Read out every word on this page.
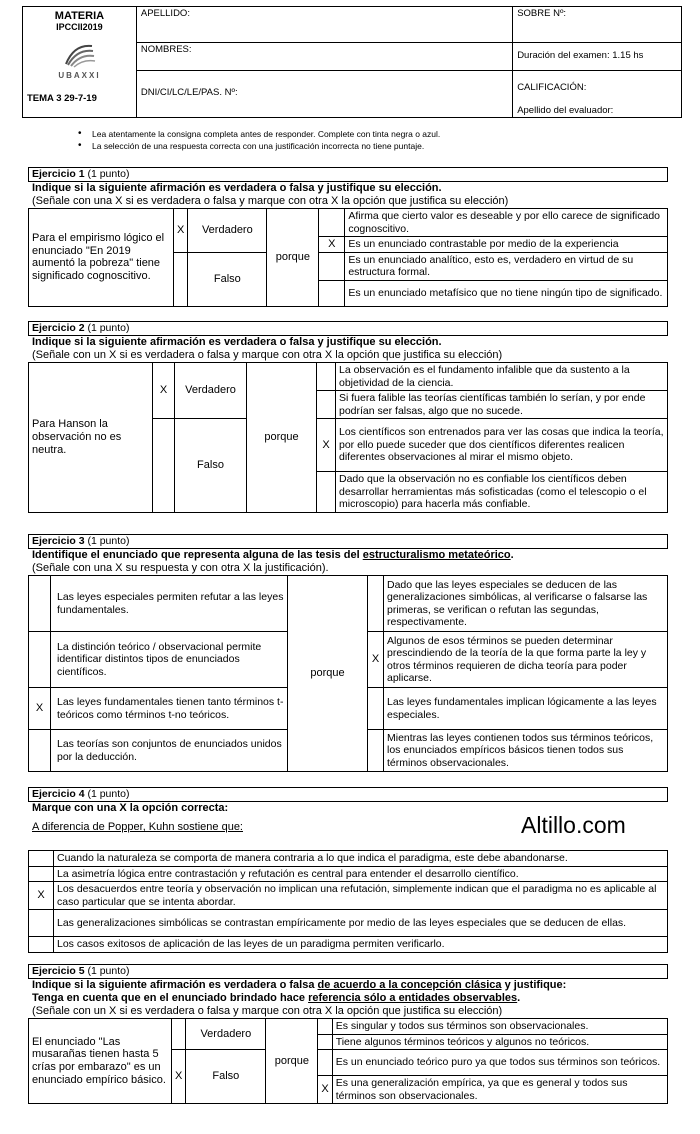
MATERIA
IPCCII2019
UBAXXI
TEMA 3 29-7-19	APELLIDO:	SOBRE Nº:
	NOMBRES:	Duración del examen: 1.15 hs
	DNI/CI/LC/LE/PAS. Nº:	CALIFICACIÓN:
Apellido del evaluador:
• Lea atentamente la consigna completa antes de responder. Complete con tinta negra o azul.
• La selección de una respuesta correcta con una justificación incorrecta no tiene puntaje.
Ejercicio 1 (1 punto)
Indique si la siguiente afirmación es verdadera o falsa y justifique su elección.
(Señale con una X si es verdadera o falsa y marque con otra X la opción que justifica su elección)
Para el empirismo lógico el enunciado "En 2019 aumentó la pobreza" tiene significado cognoscitivo.	X	Verdadero	porque		Afirma que cierto valor es deseable y por ello carece de significado cognoscitivo.
				X	Es un enunciado contrastable por medio de la experiencia
		Falso			Es un enunciado analítico, esto es, verdadero en virtud de su estructura formal.
					Es un enunciado metafísico que no tiene ningún tipo de significado.
Ejercicio 2 (1 punto)
Indique si la siguiente afirmación es verdadera o falsa y justifique su elección.
(Señale con un X si es verdadera o falsa y marque con otra X la opción que justifica su elección)
Para Hanson la observación no es neutra.	X	Verdadero	porque		La observación es el fundamento infalible que da sustento a la objetividad de la ciencia.
					Si fuera falible las teorías científicas también lo serían, y por ende podrían ser falsas, algo que no sucede.
		Falso		X	Los científicos son entrenados para ver las cosas que indica la teoría, por ello puede suceder que dos científicos diferentes realicen diferentes observaciones al mirar el mismo objeto.
					Dado que la observación no es confiable los científicos deben desarrollar herramientas más sofisticadas (como el telescopio o el microscopio) para hacerla más confiable.
Ejercicio 3 (1 punto)
Identifique el enunciado que representa alguna de las tesis del estructuralismo metateórico.
(Señale con una X su respuesta y con otra X la justificación).
	Las leyes especiales permiten refutar a las leyes fundamentales.	porque		Dado que las leyes especiales se deducen de las generalizaciones simbólicas, al verificarse o falsarse las primeras, se verifican o refutan las segundas, respectivamente.
	La distinción teórico / observacional permite identificar distintos tipos de enunciados científicos.		X	Algunos de esos términos se pueden determinar prescindiendo de la teoría de la que forma parte la ley y otros términos requieren de dicha teoría para poder aplicarse.
X	Las leyes fundamentales tienen tanto términos t-teóricos como términos t-no teóricos.			Las leyes fundamentales implican lógicamente a las leyes especiales.
	Las teorías son conjuntos de enunciados unidos por la deducción.			Mientras las leyes contienen todos sus términos teóricos, los enunciados empíricos básicos tienen todos sus términos observacionales.
Ejercicio 4 (1 punto)
Marque con una X la opción correcta:
A diferencia de Popper, Kuhn sostiene que:
	Cuando la naturaleza se comporta de manera contraria a lo que indica el paradigma, este debe abandonarse.
	La asimetría lógica entre contrastación y refutación es central para entender el desarrollo científico.
X	Los desacuerdos entre teoría y observación no implican una refutación, simplemente indican que el paradigma no es aplicable al caso particular que se intenta abordar.
	Las generalizaciones simbólicas se contrastan empíricamente por medio de las leyes especiales que se deducen de ellas.
	Los casos exitosos de aplicación de las leyes de un paradigma permiten verificarlo.
Altillo.com
Ejercicio 5 (1 punto)
Indique si la siguiente afirmación es verdadera o falsa de acuerdo a la concepción clásica y justifique:
Tenga en cuenta que en el enunciado brindado hace referencia sólo a entidades observables.
(Señale con un X si es verdadera o falsa y marque con otra X la opción que justifica su elección)
El enunciado "Las musarañas tienen hasta 5 crías por embarazo" es un enunciado empírico básico.		Verdadero	porque		Es singular y todos sus términos son observacionales.
					Tiene algunos términos teóricos y algunos no teóricos.
	X	Falso			Es un enunciado teórico puro ya que todos sus términos son teóricos.
				X	Es una generalización empírica, ya que es general y todos sus términos son observacionales.
